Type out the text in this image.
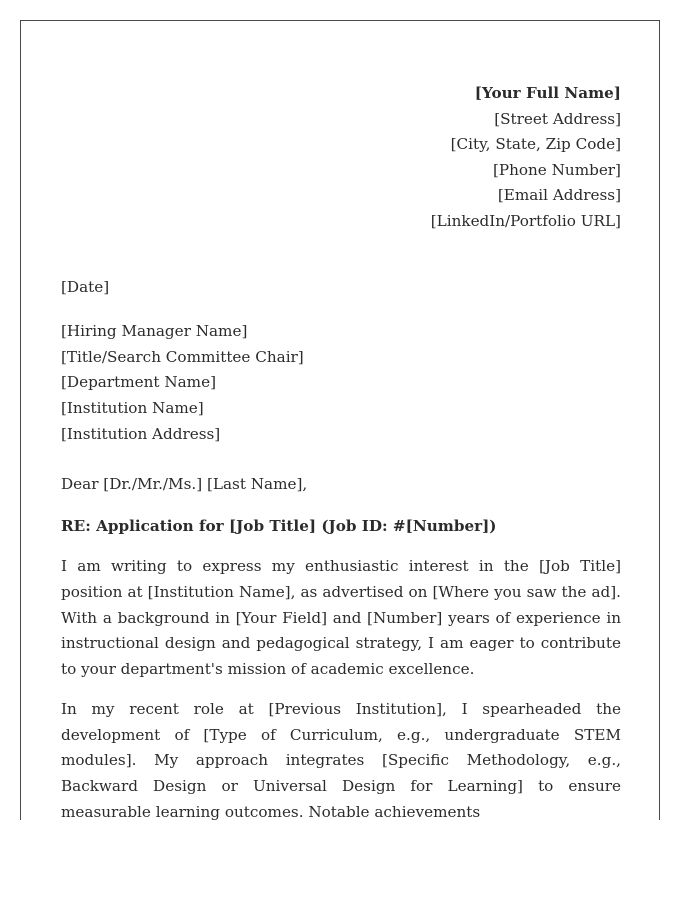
[Your Full Name]
[Street Address]
[City, State, Zip Code]
[Phone Number]
[Email Address]
[LinkedIn/Portfolio URL]
[Date]
[Hiring Manager Name]
[Title/Search Committee Chair]
[Department Name]
[Institution Name]
[Institution Address]
Dear [Dr./Mr./Ms.] [Last Name],
RE: Application for [Job Title] (Job ID: #[Number])

I am writing to express my enthusiastic interest in the [Job Title] position at [Institution Name], as advertised on [Where you saw the ad]. With a background in [Your Field] and [Number] years of experience in instructional design and pedagogical strategy, I am eager to contribute to your department's mission of academic excellence.

In my recent role at [Previous Institution], I spearheaded the development of [Type of Curriculum, e.g., undergraduate STEM modules]. My approach integrates [Specific Methodology, e.g., Backward Design or Universal Design for Learning] to ensure measurable learning outcomes. Notable achievements
